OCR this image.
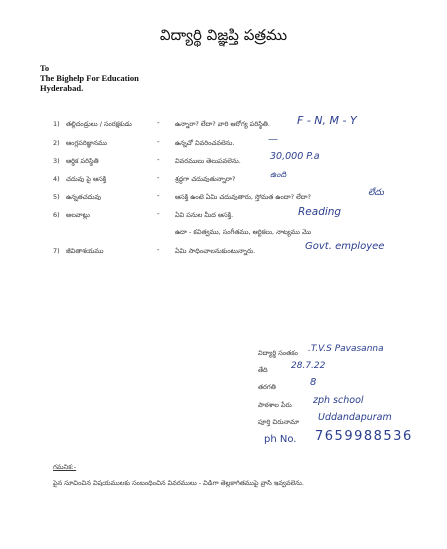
విద్యార్థి విజ్ఞప్తి పత్రము
To
The Bighelp For Education
Hyderabad.
1) తల్లిదండ్రులు / సంరక్షకుడు	- ఉన్నారా? లేదా? వారి ఆరోగ్య పరిస్థితి. F - N, M - Y
2) ఆంగ్లపరిజ్ఞానము	- ఉన్నచో వివరించవలెను.	—
3) ఆర్థిక పరిస్థితి	- వివరములు తెలుపవలెను.	30,000 P.a
4) చదువు పై ఆసక్తి	- శ్రద్ధగా చదువుతున్నారా?	ఉంది
5) ఉన్నతచదువు	- ఆసక్తి ఉంటె ఏమి చదువుతారు, స్తోమత ఉందా? లేదా?	లేదు
6) అలవాట్లు	- ఏవి పనుల మీద ఆసక్తి.	Reading
ఉదా - కవిత్వము, సంగీతము, ఆర్టికలు, నాట్యము మొ
7) జీవితాశయము	- ఏమి సాధించాలనుకుంటున్నారు.	Govt. employee
విద్యార్థి సంతకం .T.V.S Pavasanna
తేది	28.7.22
తరగతి	8
పాఠశాల పేరు zph school
పూర్తి చిరునామా Uddandapuram
ph No. 7659988536
గమనిక:-
పైన సూచించిన విషయములకు సంబంధించిన వివరములు - విడిగా తెల్లకాగితముపై వ్రాసి ఇవ్వవలెను.
